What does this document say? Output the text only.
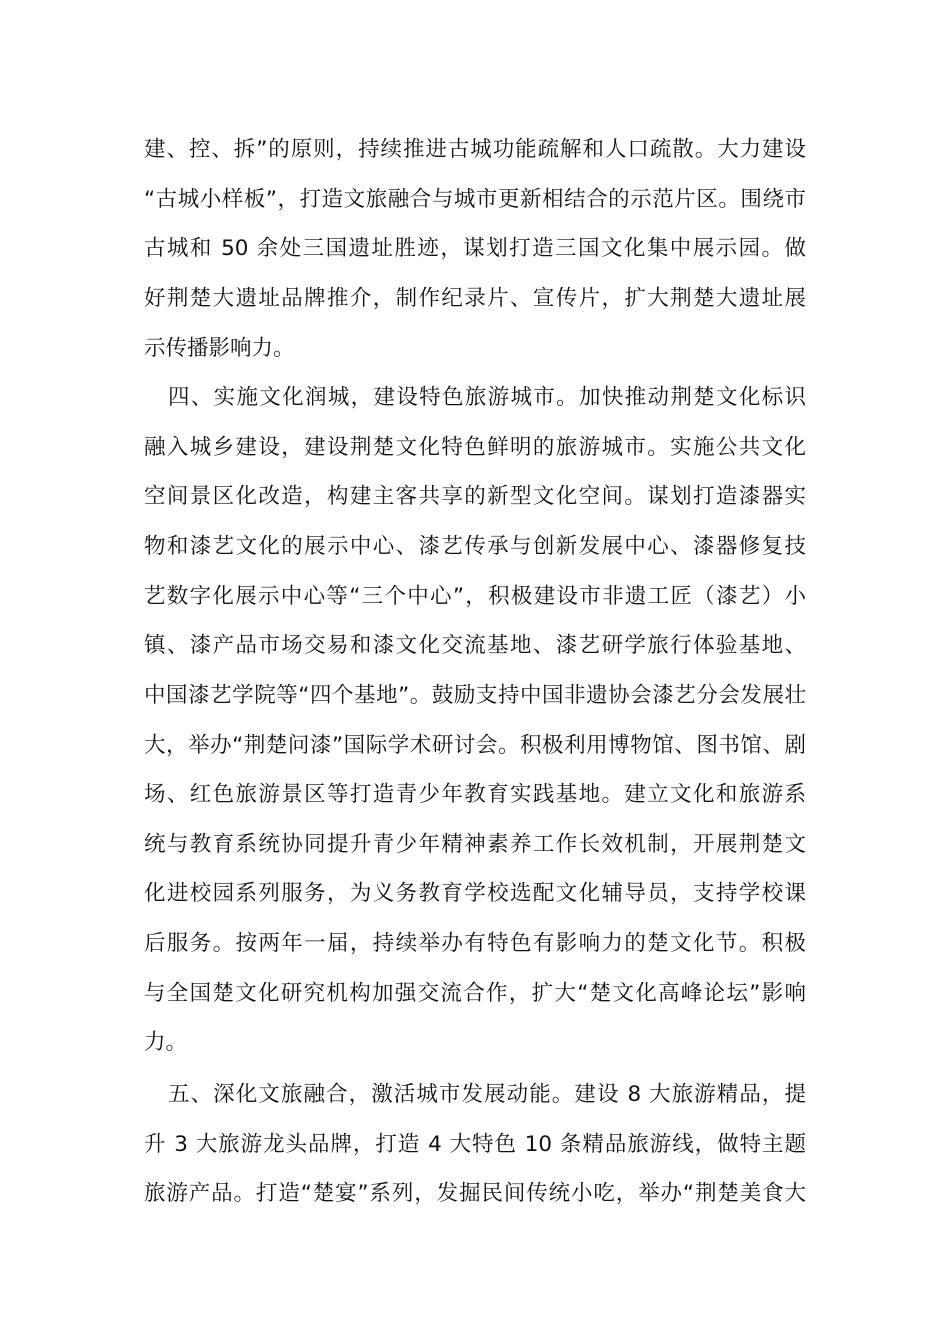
建、控、拆”的原则，持续推进古城功能疏解和人口疏散。大力建设

“古城小样板”，打造文旅融合与城市更新相结合的示范片区。围绕市

古城和 50 余处三国遗址胜迹，谋划打造三国文化集中展示园。做

好荆楚大遗址品牌推介，制作纪录片、宣传片，扩大荆楚大遗址展

示传播影响力。

四、实施文化润城，建设特色旅游城市。加快推动荆楚文化标识

融入城乡建设，建设荆楚文化特色鲜明的旅游城市。实施公共文化

空间景区化改造，构建主客共享的新型文化空间。谋划打造漆器实

物和漆艺文化的展示中心、漆艺传承与创新发展中心、漆器修复技

艺数字化展示中心等“三个中心”，积极建设市非遗工匠（漆艺）小

镇、漆产品市场交易和漆文化交流基地、漆艺研学旅行体验基地、

中国漆艺学院等“四个基地”。鼓励支持中国非遗协会漆艺分会发展壮

大，举办“荆楚问漆”国际学术研讨会。积极利用博物馆、图书馆、剧

场、红色旅游景区等打造青少年教育实践基地。建立文化和旅游系

统与教育系统协同提升青少年精神素养工作长效机制，开展荆楚文

化进校园系列服务，为义务教育学校选配文化辅导员，支持学校课

后服务。按两年一届，持续举办有特色有影响力的楚文化节。积极

与全国楚文化研究机构加强交流合作，扩大“楚文化高峰论坛”影响

力。

五、深化文旅融合，激活城市发展动能。建设 8 大旅游精品，提

升 3 大旅游龙头品牌，打造 4 大特色 10 条精品旅游线，做特主题

旅游产品。打造“楚宴”系列，发掘民间传统小吃，举办“荆楚美食大
